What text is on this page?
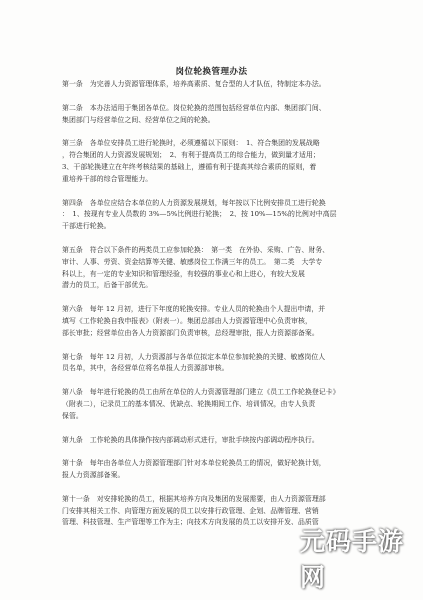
岗位轮换管理办法
第一条　为完善人力资源管理体系，培养高素质、复合型的人才队伍，特制定本办法。
第二条　本办法适用于集团各单位。岗位轮换的范围包括经营单位内部、集团部门间、
集团部门与经营单位之间、经营单位之间的轮换。
第三条　各单位安排员工进行轮换时，必须遵循以下原则：　1、符合集团的发展战略
，符合集团的人力资源发展规划；　2、有利于提高员工的综合能力，做到量才适用；
3、干部轮换建立在年终考核结果的基础上，遵循有利于提高其综合素质的原则，着
重培养干部的综合管理能力。
第四条　各单位应结合本单位的人力资源发展规划，每年按以下比例安排员工进行轮换
：　1、按现有专业人员数的 3%—5%比例进行轮换；　2、按 10%—15%的比例对中高层
干部进行轮换。
第五条　符合以下条件的两类员工应参加轮换：　第一类　在外协、采购、广告、财务、
审计、人事、劳资、资金结算等关键、敏感岗位工作满三年的员工。　第二类　大学专
科以上，有一定的专业知识和管理经验，有较强的事业心和上进心，有较大发展
潜力的员工，后备干部优先。
第六条　每年 12 月初，进行下年度的轮换安排。专业人员的轮换由个人提出申请，并
填写《工作轮换自我申报表》（附表一）。集团总部由人力资源管理中心负责审核，
部长审批；经营单位由各人力资源部门负责审核，总经理审批，报人力资源部备案。
第七条　每年 12 月初，人力资源部与各单位拟定本单位参加轮换的关键、敏感岗位人
员名单，其中，各经营单位将名单报人力资源部审核。
第八条　每年进行轮换的员工由所在单位的人力资源管理部门建立《员工工作轮换登记卡》
（附表二），记录员工的基本情况、优缺点、轮换期间工作、培训情况，由专人负责
保管。
第九条　工作轮换的具体操作按内部调动形式进行，审批手续按内部调动程序执行。
第十条　每年由各单位人力资源管理部门针对本单位轮换员工的情况，做好轮换计划，
报人力资源部备案。
第十一条　对安排轮换的员工，根据其培养方向及集团的发展需要，由人力资源管理部
门安排其相关工作、向管理方面发展的员工以安排行政管理、企划、品牌管理、营销
管理、科技管理、生产管理等工作为主；向技术方向发展的员工以安排开发、品质管
元码手游网
